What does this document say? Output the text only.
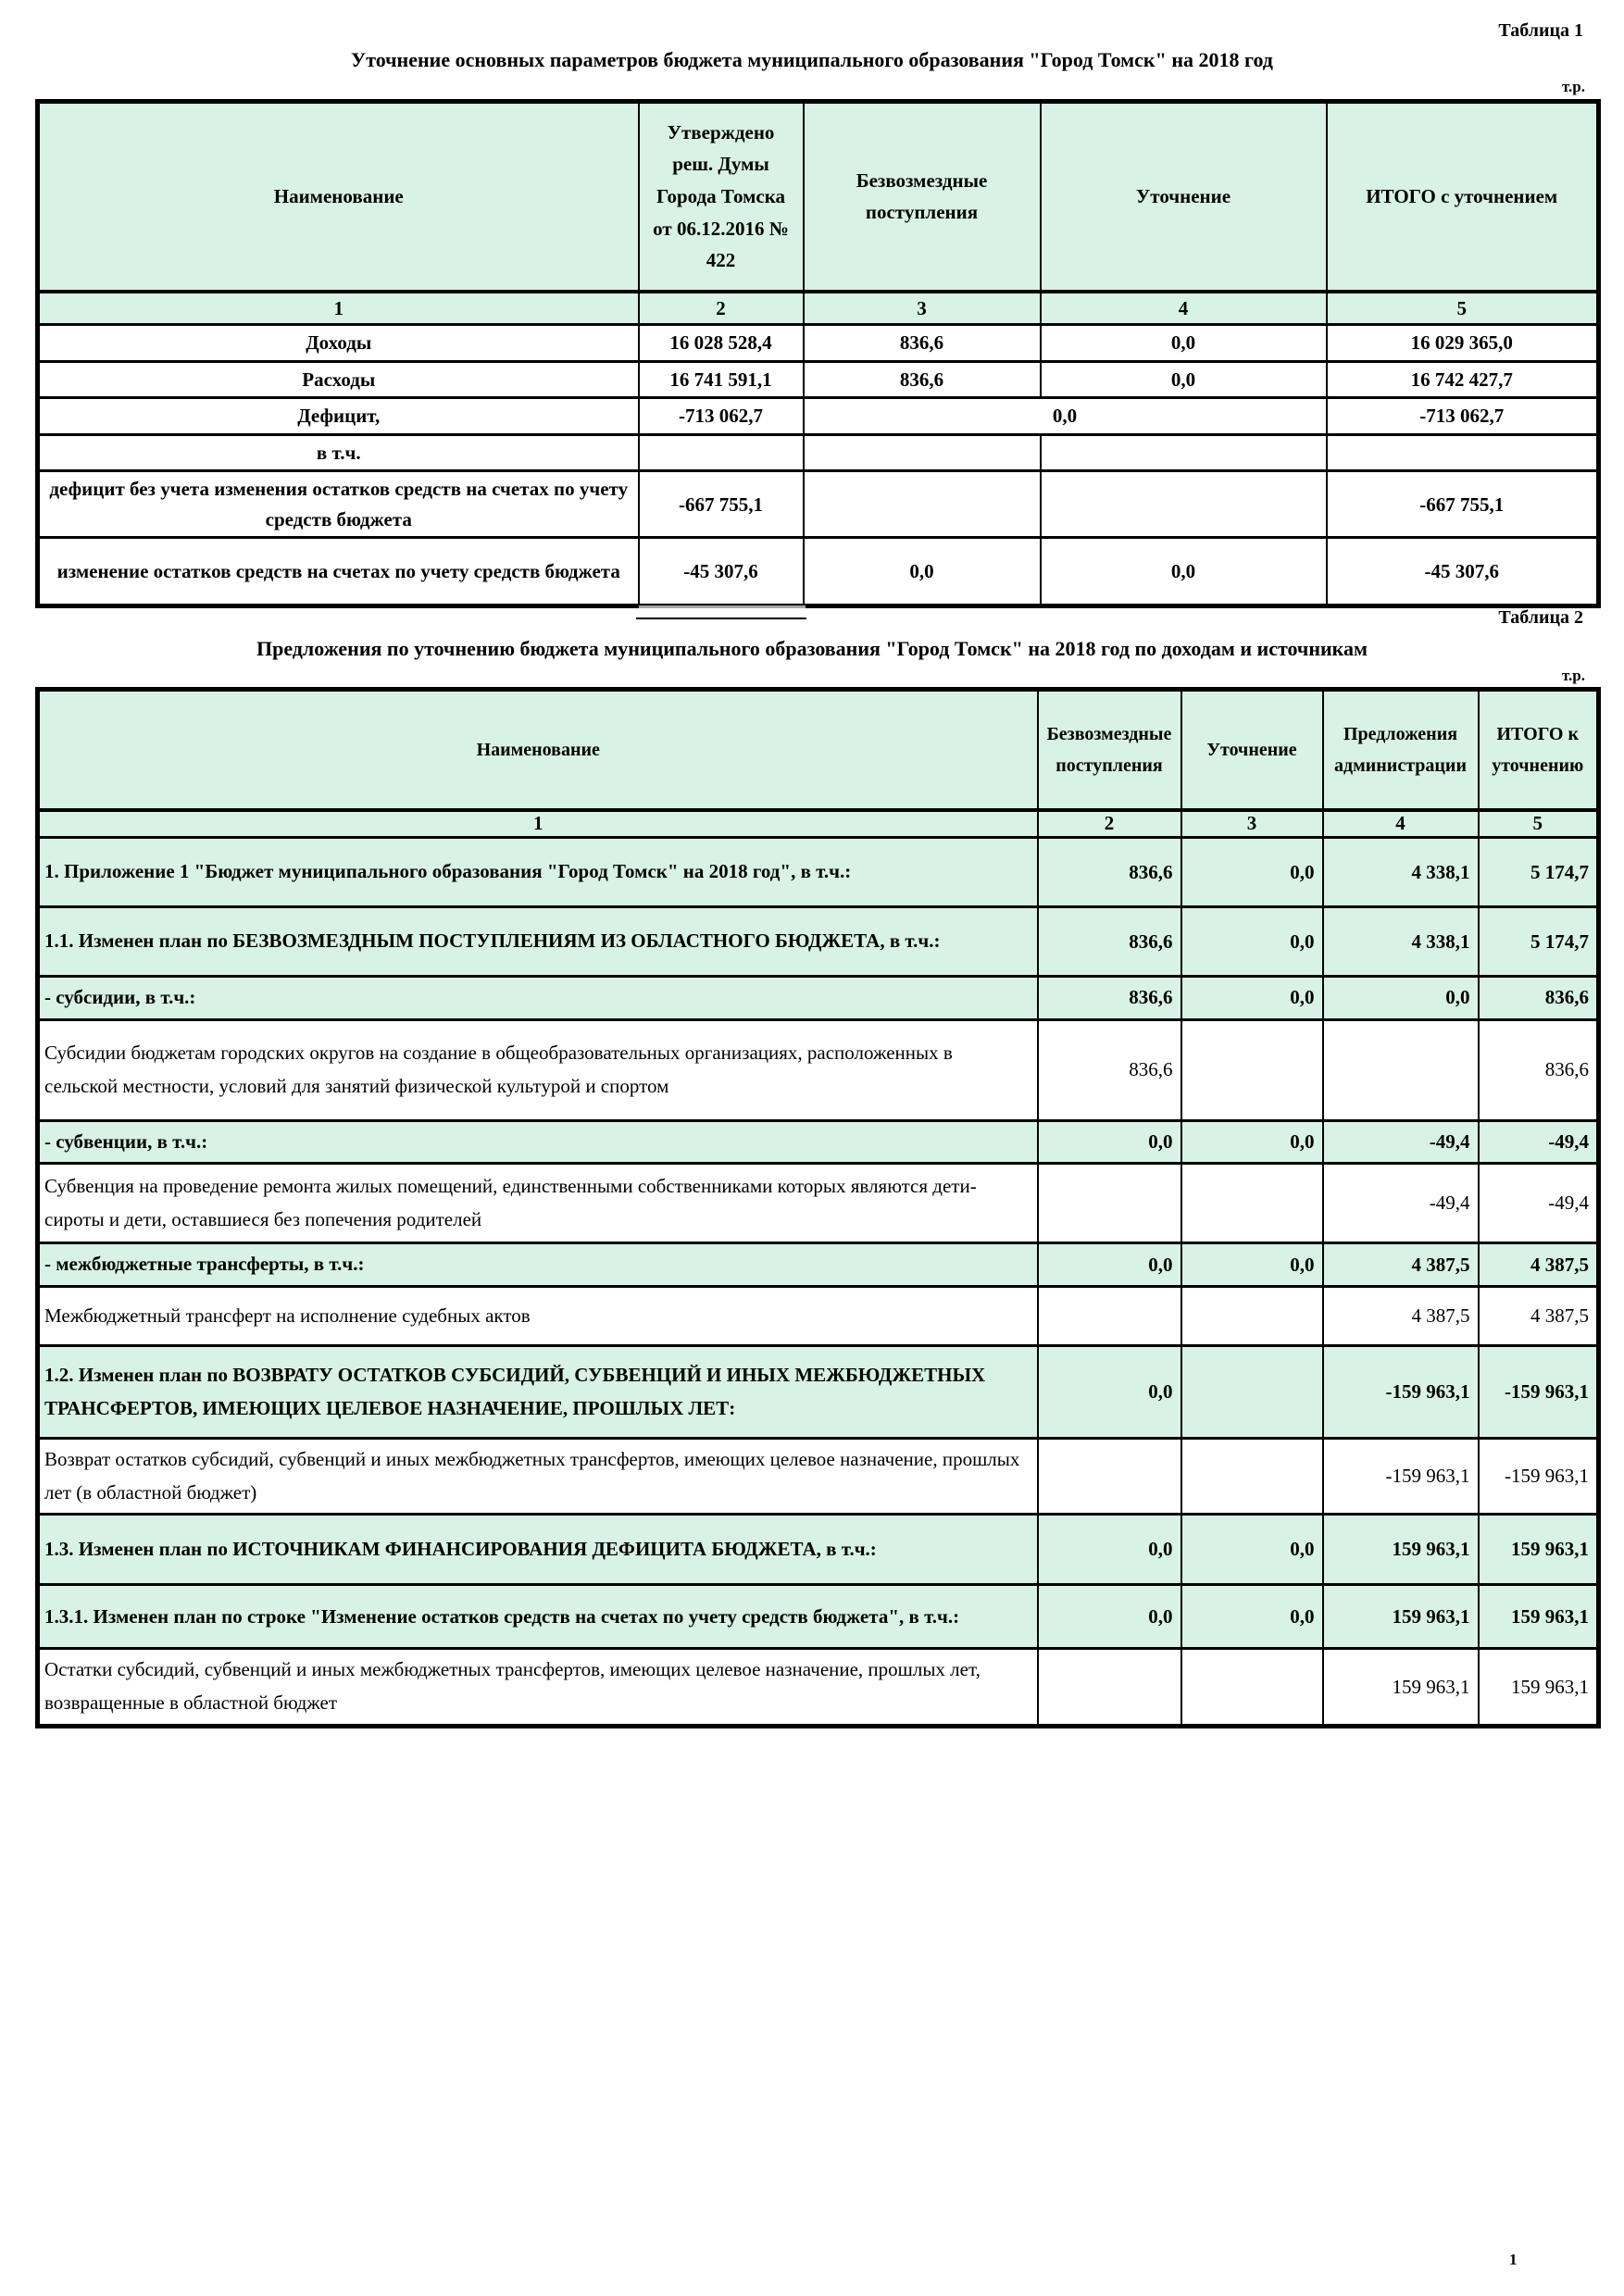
Таблица 1
Уточнение основных параметров бюджета муниципального образования "Город Томск" на 2018 год
т.р.
Наименование	Утверждено реш. Думы Города Томска от 06.12.2016 № 422	Безвозмездные поступления	Уточнение	ИТОГО с уточнением
1	2	3	4	5
Доходы	16 028 528,4	836,6	0,0	16 029 365,0
Расходы	16 741 591,1	836,6	0,0	16 742 427,7
Дефицит,	-713 062,7	0,0		-713 062,7
в т.ч.				
дефицит без учета изменения остатков средств на счетах по учету средств бюджета	-667 755,1			-667 755,1
изменение остатков средств на счетах по учету средств бюджета	-45 307,6	0,0	0,0	-45 307,6
Таблица 2
Предложения по уточнению бюджета муниципального образования "Город Томск" на 2018 год по доходам и источникам
т.р.
Наименование	Безвозмездные поступления	Уточнение	Предложения администрации	ИТОГО к уточнению
1	2	3	4	5
1. Приложение 1 "Бюджет муниципального образования "Город Томск" на 2018 год", в т.ч.:	836,6	0,0	4 338,1	5 174,7
1.1. Изменен план по БЕЗВОЗМЕЗДНЫМ ПОСТУПЛЕНИЯМ ИЗ ОБЛАСТНОГО БЮДЖЕТА, в т.ч.:	836,6	0,0	4 338,1	5 174,7
- субсидии, в т.ч.:	836,6	0,0	0,0	836,6
Субсидии бюджетам городских округов на создание в общеобразовательных организациях, расположенных в сельской местности, условий для занятий физической культурой и спортом	836,6			836,6
- субвенции, в т.ч.:	0,0	0,0	-49,4	-49,4
Субвенция на проведение ремонта жилых помещений, единственными собственниками которых являются дети-сироты и дети, оставшиеся без попечения родителей			-49,4	-49,4
- межбюджетные трансферты, в т.ч.:	0,0	0,0	4 387,5	4 387,5
Межбюджетный трансферт на исполнение судебных актов			4 387,5	4 387,5
1.2. Изменен план по ВОЗВРАТУ ОСТАТКОВ СУБСИДИЙ, СУБВЕНЦИЙ И ИНЫХ МЕЖБЮДЖЕТНЫХ ТРАНСФЕРТОВ, ИМЕЮЩИХ ЦЕЛЕВОЕ НАЗНАЧЕНИЕ, ПРОШЛЫХ ЛЕТ:	0,0		-159 963,1	-159 963,1
Возврат остатков субсидий, субвенций и иных межбюджетных трансфертов, имеющих целевое назначение, прошлых лет (в областной бюджет)			-159 963,1	-159 963,1
1.3. Изменен план по ИСТОЧНИКАМ ФИНАНСИРОВАНИЯ ДЕФИЦИТА БЮДЖЕТА, в т.ч.:	0,0	0,0	159 963,1	159 963,1
1.3.1. Изменен план по строке "Изменение остатков средств на счетах по учету средств бюджета", в т.ч.:	0,0	0,0	159 963,1	159 963,1
Остатки субсидий, субвенций и иных межбюджетных трансфертов, имеющих целевое назначение, прошлых лет, возвращенные в областной бюджет			159 963,1	159 963,1
1
